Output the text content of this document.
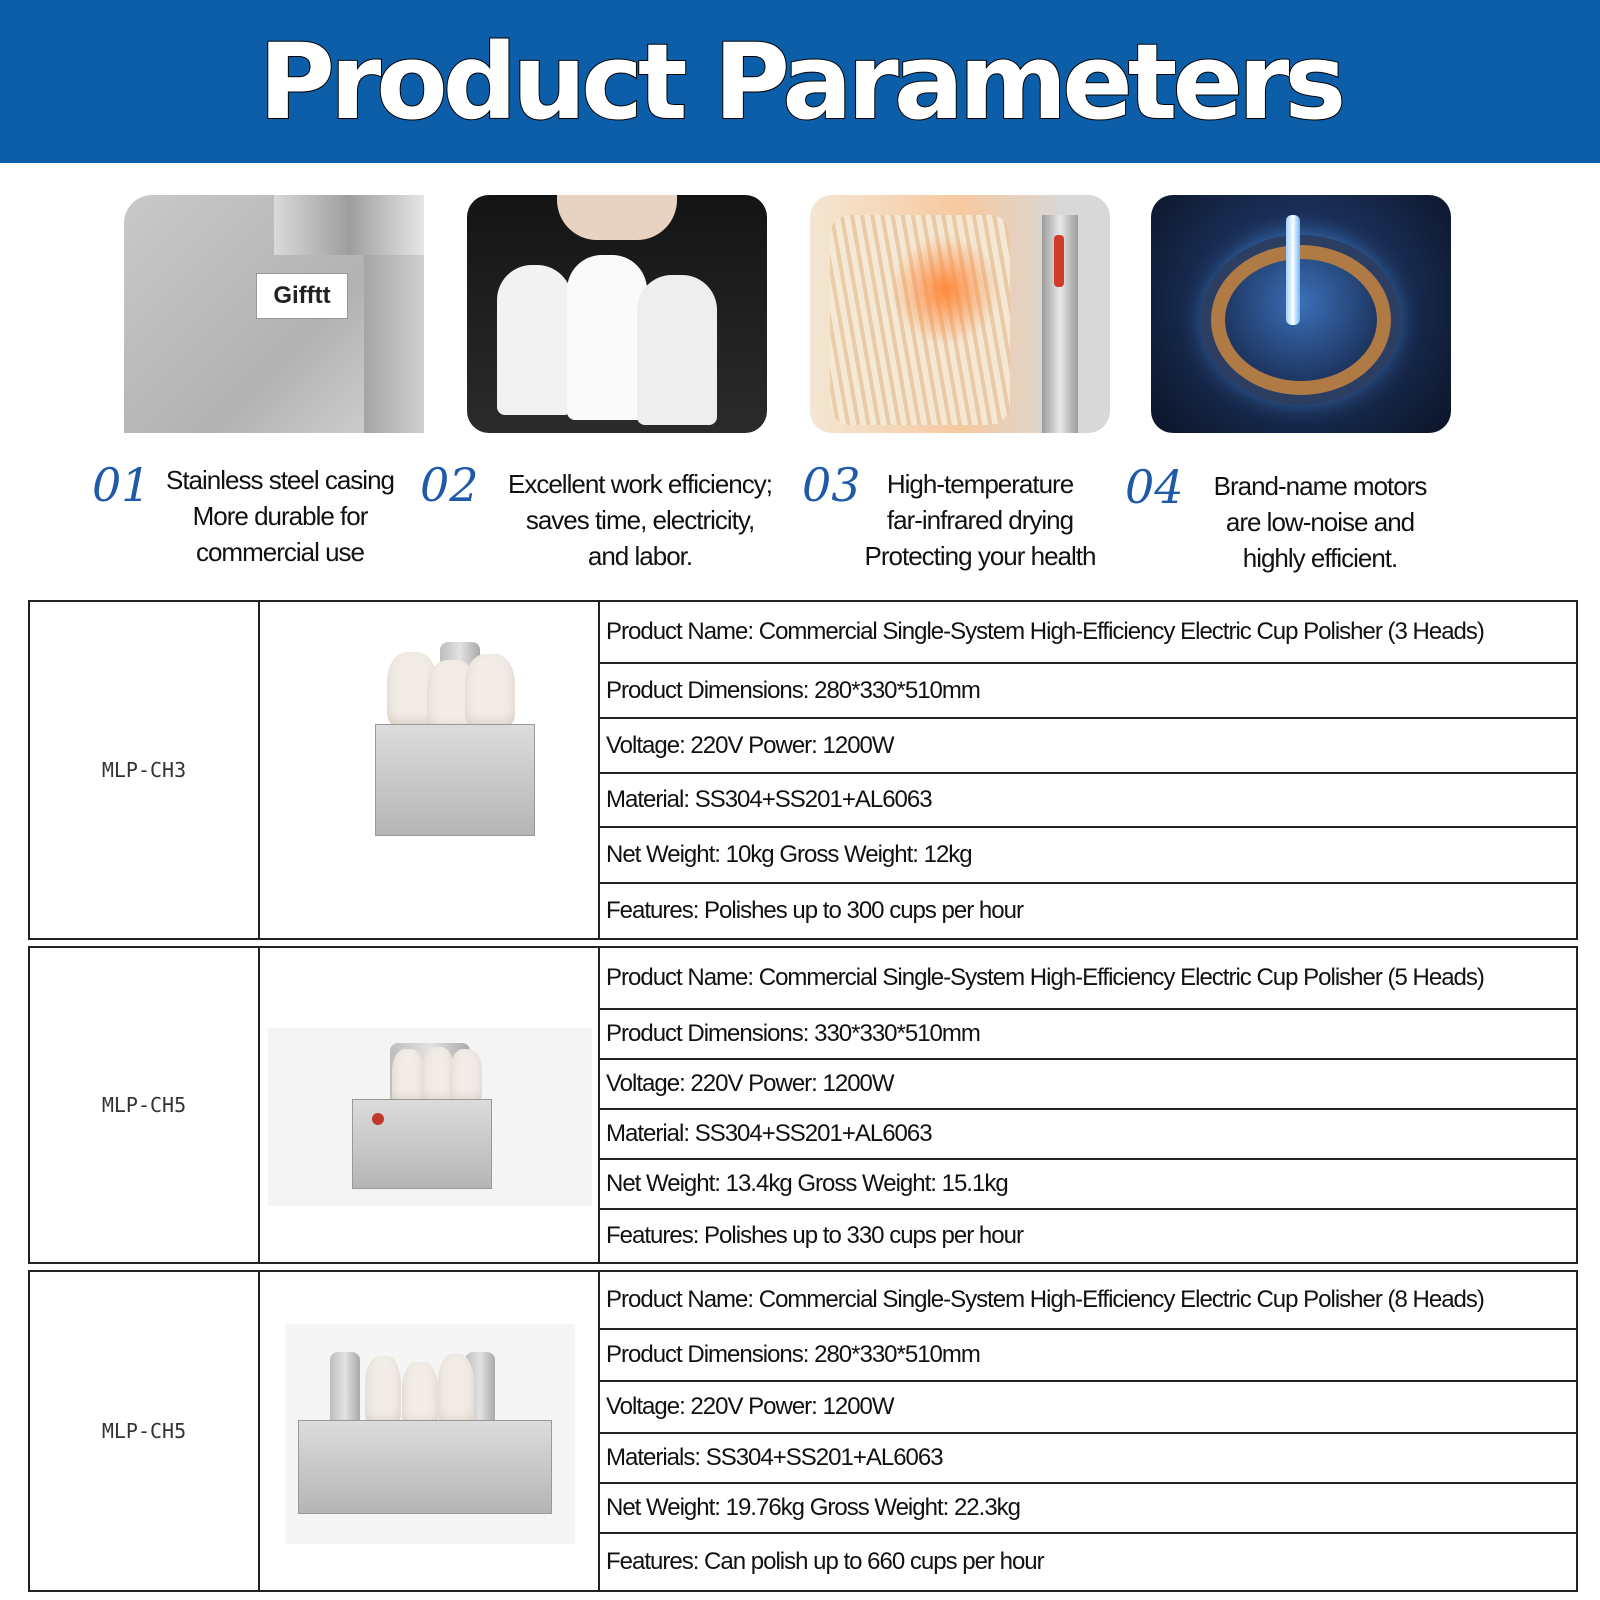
Product Parameters
Gifftt
01 Stainless steel casing
More durable for
commercial use
02	Excellent work efficiency;
saves time, electricity,
and labor.
03	High-temperature
far-infrared drying
Protecting your health
04	Brand-name motors
are low-noise and
highly efficient.
MLP-CH3
Product Name: Commercial Single-System High-Efficiency Electric Cup Polisher (3 Heads)
Product Dimensions: 280*330*510mm
Voltage: 220V Power: 1200W
Material: SS304+SS201+AL6063
Net Weight: 10kg Gross Weight: 12kg
Features: Polishes up to 300 cups per hour
MLP-CH5
Product Name: Commercial Single-System High-Efficiency Electric Cup Polisher (5 Heads)
Product Dimensions: 330*330*510mm
Voltage: 220V Power: 1200W
Material: SS304+SS201+AL6063
Net Weight: 13.4kg Gross Weight: 15.1kg
Features: Polishes up to 330 cups per hour
MLP-CH5
Product Name: Commercial Single-System High-Efficiency Electric Cup Polisher (8 Heads)
Product Dimensions: 280*330*510mm
Voltage: 220V Power: 1200W
Materials: SS304+SS201+AL6063
Net Weight: 19.76kg Gross Weight: 22.3kg
Features: Can polish up to 660 cups per hour
